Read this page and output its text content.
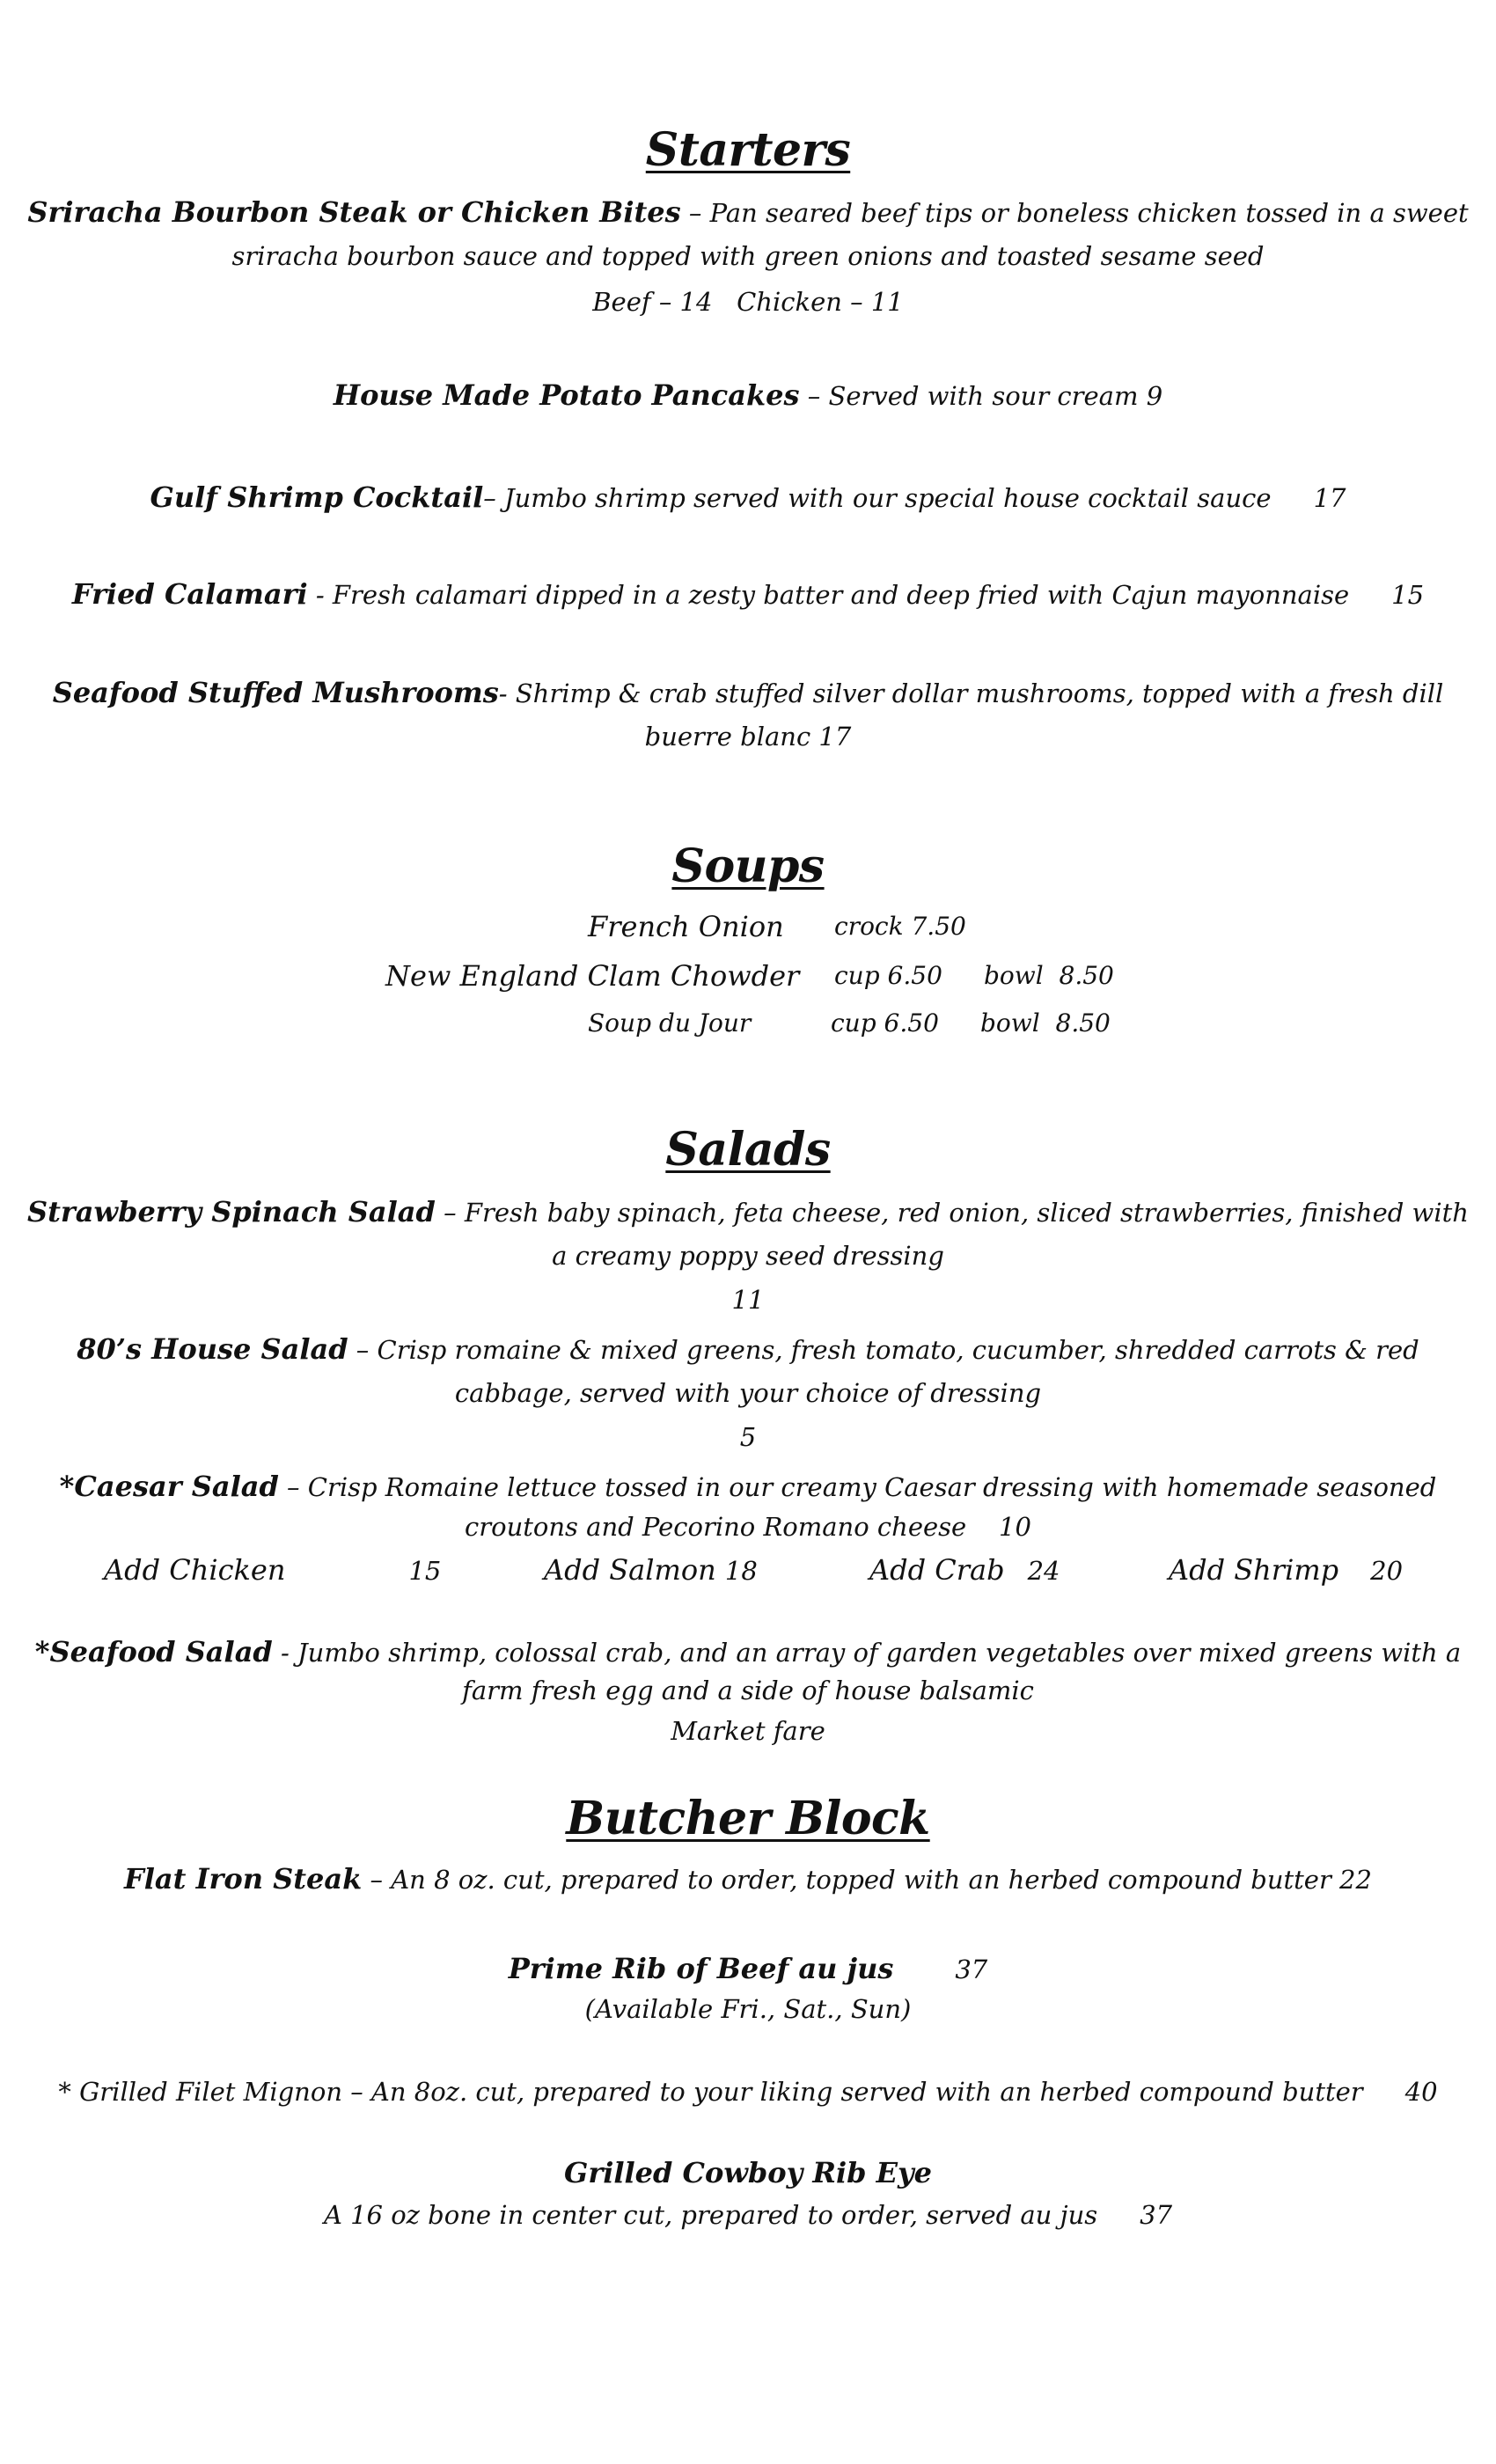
Starters
Sriracha Bourbon Steak or Chicken Bites – Pan seared beef tips or boneless chicken tossed in a sweet
sriracha bourbon sauce and topped with green onions and toasted sesame seed
Beef – 14   Chicken – 11
House Made Potato Pancakes – Served with sour cream 9
Gulf Shrimp Cocktail– Jumbo shrimp served with our special house cocktail sauce 17
Fried Calamari - Fresh calamari dipped in a zesty batter and deep fried with Cajun mayonnaise 15
Seafood Stuffed Mushrooms- Shrimp & crab stuffed silver dollar mushrooms, topped with a fresh dill
buerre blanc 17
Soups
French Onion crock 7.50
New England Clam Chowder cup 6.50 bowl  8.50
Soup du Jour	cup 6.50 bowl  8.50
Salads
Strawberry Spinach Salad – Fresh baby spinach, feta cheese, red onion, sliced strawberries, finished with
a creamy poppy seed dressing
11
80’s House Salad – Crisp romaine & mixed greens, fresh tomato, cucumber, shredded carrots & red
cabbage, served with your choice of dressing
5
*Caesar Salad – Crisp Romaine lettuce tossed in our creamy Caesar dressing with homemade seasoned
croutons and Pecorino Romano cheese    10
Add Chicken	15	Add Salmon 18	Add Crab 24	Add Shrimp 20
*Seafood Salad - Jumbo shrimp, colossal crab, and an array of garden vegetables over mixed greens with a
farm fresh egg and a side of house balsamic
Market fare
Butcher Block
Flat Iron Steak – An 8 oz. cut, prepared to order, topped with an herbed compound butter 22
Prime Rib of Beef au jus 37
(Available Fri., Sat., Sun)
* Grilled Filet Mignon – An 8oz. cut, prepared to your liking served with an herbed compound butter 40
Grilled Cowboy Rib Eye
A 16 oz bone in center cut, prepared to order, served au jus 37
